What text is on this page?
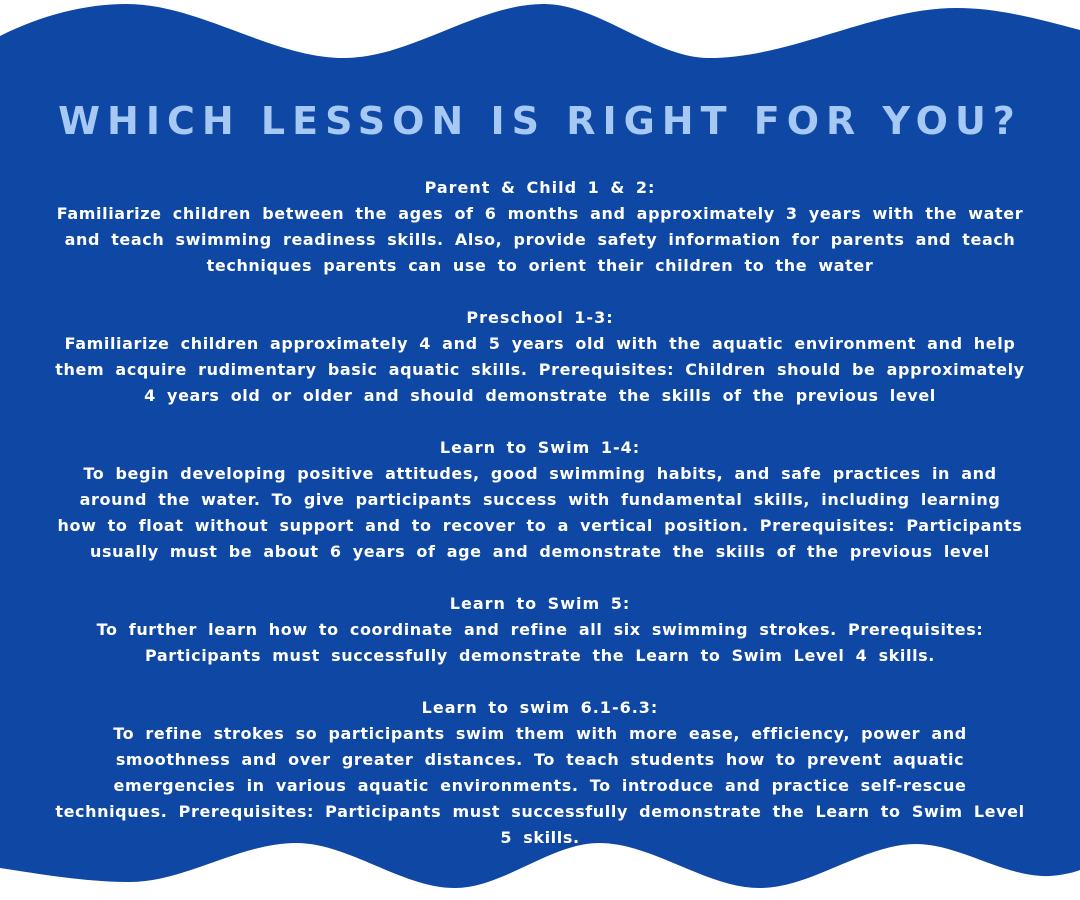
WHICH LESSON IS RIGHT FOR YOU?
Parent & Child 1 & 2:
Familiarize children between the ages of 6 months and approximately 3 years with the water and teach swimming readiness skills. Also, provide safety information for parents and teach techniques parents can use to orient their children to the water
Preschool 1-3:
Familiarize children approximately 4 and 5 years old with the aquatic environment and help them acquire rudimentary basic aquatic skills. Prerequisites: Children should be approximately 4 years old or older and should demonstrate the skills of the previous level
Learn to Swim 1-4:
To begin developing positive attitudes, good swimming habits, and safe practices in and around the water. To give participants success with fundamental skills, including learning how to float without support and to recover to a vertical position. Prerequisites: Participants usually must be about 6 years of age and demonstrate the skills of the previous level
Learn to Swim 5:
To further learn how to coordinate and refine all six swimming strokes. Prerequisites: Participants must successfully demonstrate the Learn to Swim Level 4 skills.
Learn to swim 6.1-6.3:
To refine strokes so participants swim them with more ease, efficiency, power and smoothness and over greater distances. To teach students how to prevent aquatic emergencies in various aquatic environments. To introduce and practice self-rescue techniques. Prerequisites: Participants must successfully demonstrate the Learn to Swim Level 5 skills.
